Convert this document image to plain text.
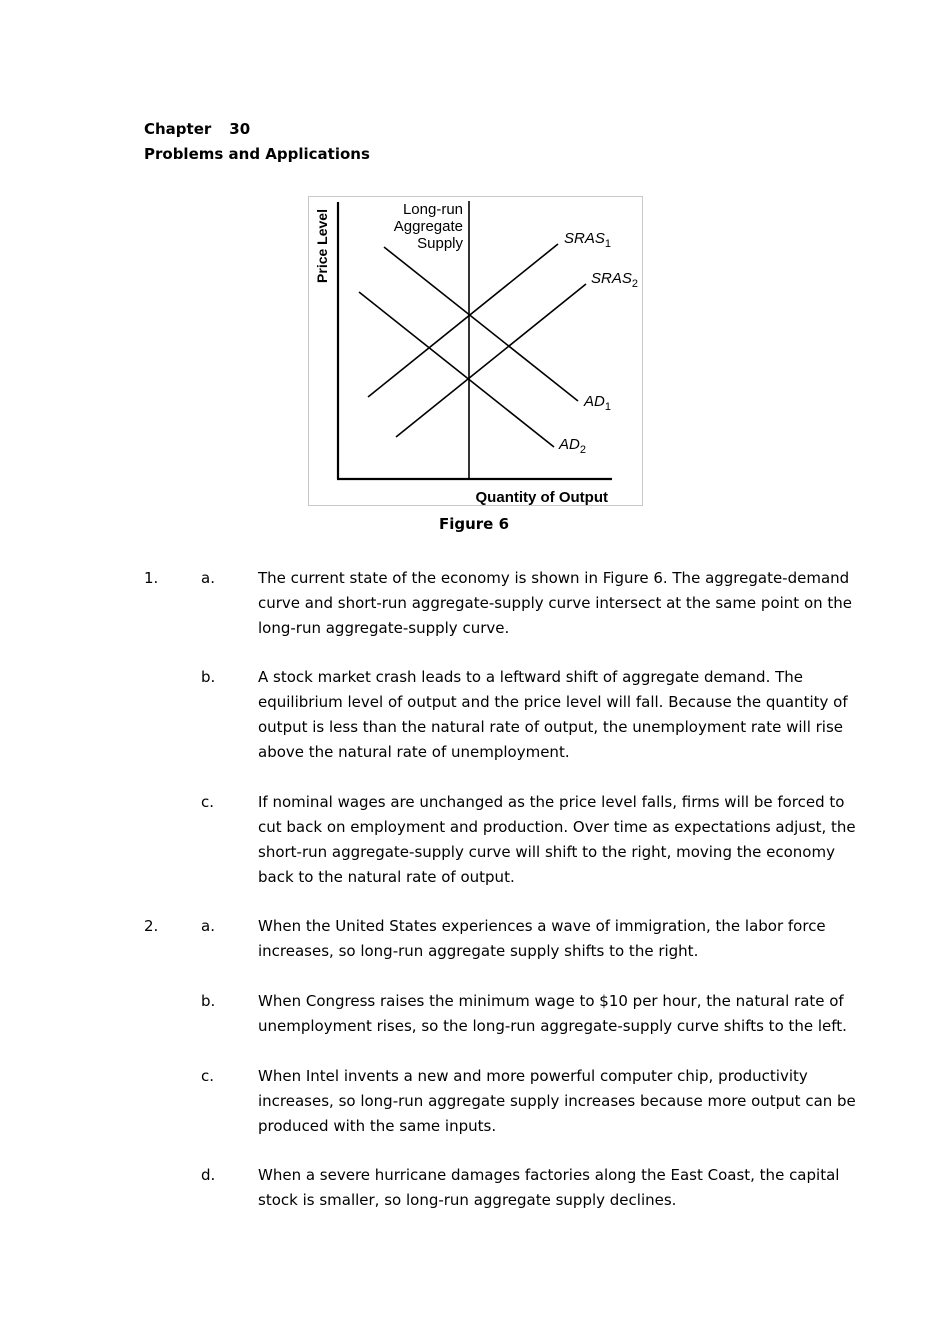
Chapter 30
Problems and Applications
Price Level
Quantity of Output
Long-run
Aggregate
Supply	$SRAS_1$
$SRAS_2$
$AD_1$
$AD_2$
Figure 6
1.	a.	The current state of the economy is shown in Figure 6. The aggregate-demand
curve and short-run aggregate-supply curve intersect at the same point on the
long-run aggregate-supply curve.
b.	A stock market crash leads to a leftward shift of aggregate demand. The
equilibrium level of output and the price level will fall. Because the quantity of
output is less than the natural rate of output, the unemployment rate will rise
above the natural rate of unemployment.
c.	If nominal wages are unchanged as the price level falls, firms will be forced to
cut back on employment and production. Over time as expectations adjust, the
short-run aggregate-supply curve will shift to the right, moving the economy
back to the natural rate of output.
2.	a.	When the United States experiences a wave of immigration, the labor force
increases, so long-run aggregate supply shifts to the right.
b.	When Congress raises the minimum wage to $10 per hour, the natural rate of
unemployment rises, so the long-run aggregate-supply curve shifts to the left.
c.	When Intel invents a new and more powerful computer chip, productivity
increases, so long-run aggregate supply increases because more output can be
produced with the same inputs.
d.	When a severe hurricane damages factories along the East Coast, the capital
stock is smaller, so long-run aggregate supply declines.
